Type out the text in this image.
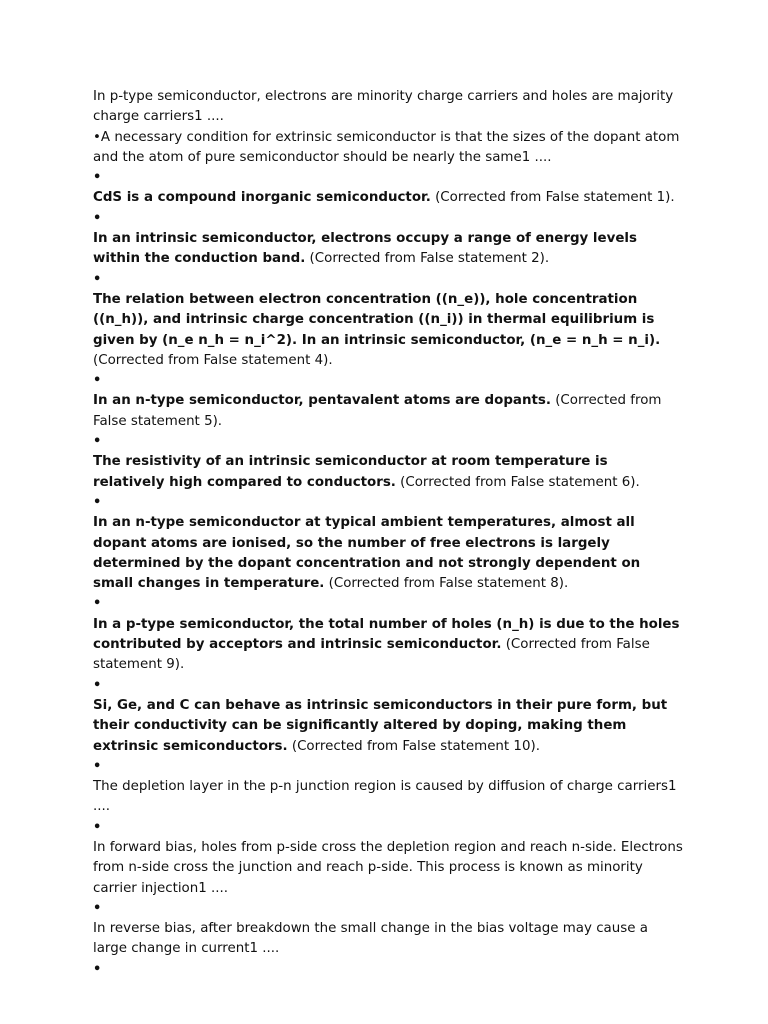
In p-type semiconductor, electrons are minority charge carriers and holes are majority charge carriers1 ....

•A necessary condition for extrinsic semiconductor is that the sizes of the dopant atom and the atom of pure semiconductor should be nearly the same1 ....

•

CdS is a compound inorganic semiconductor. (Corrected from False statement 1).

•

In an intrinsic semiconductor, electrons occupy a range of energy levels within the conduction band. (Corrected from False statement 2).

•

The relation between electron concentration ((n_e)), hole concentration ((n_h)), and intrinsic charge concentration ((n_i)) in thermal equilibrium is given by (n_e n_h = n_i^2). In an intrinsic semiconductor, (n_e = n_h = n_i). (Corrected from False statement 4).

•

In an n-type semiconductor, pentavalent atoms are dopants. (Corrected from False statement 5).

•

The resistivity of an intrinsic semiconductor at room temperature is relatively high compared to conductors. (Corrected from False statement 6).

•

In an n-type semiconductor at typical ambient temperatures, almost all dopant atoms are ionised, so the number of free electrons is largely determined by the dopant concentration and not strongly dependent on small changes in temperature. (Corrected from False statement 8).

•

In a p-type semiconductor, the total number of holes (n_h) is due to the holes contributed by acceptors and intrinsic semiconductor. (Corrected from False statement 9).

•

Si, Ge, and C can behave as intrinsic semiconductors in their pure form, but their conductivity can be significantly altered by doping, making them extrinsic semiconductors. (Corrected from False statement 10).

•

The depletion layer in the p-n junction region is caused by diffusion of charge carriers1 ....

•

In forward bias, holes from p-side cross the depletion region and reach n-side. Electrons from n-side cross the junction and reach p-side. This process is known as minority carrier injection1 ....

•

In reverse bias, after breakdown the small change in the bias voltage may cause a large change in current1 ....

•
